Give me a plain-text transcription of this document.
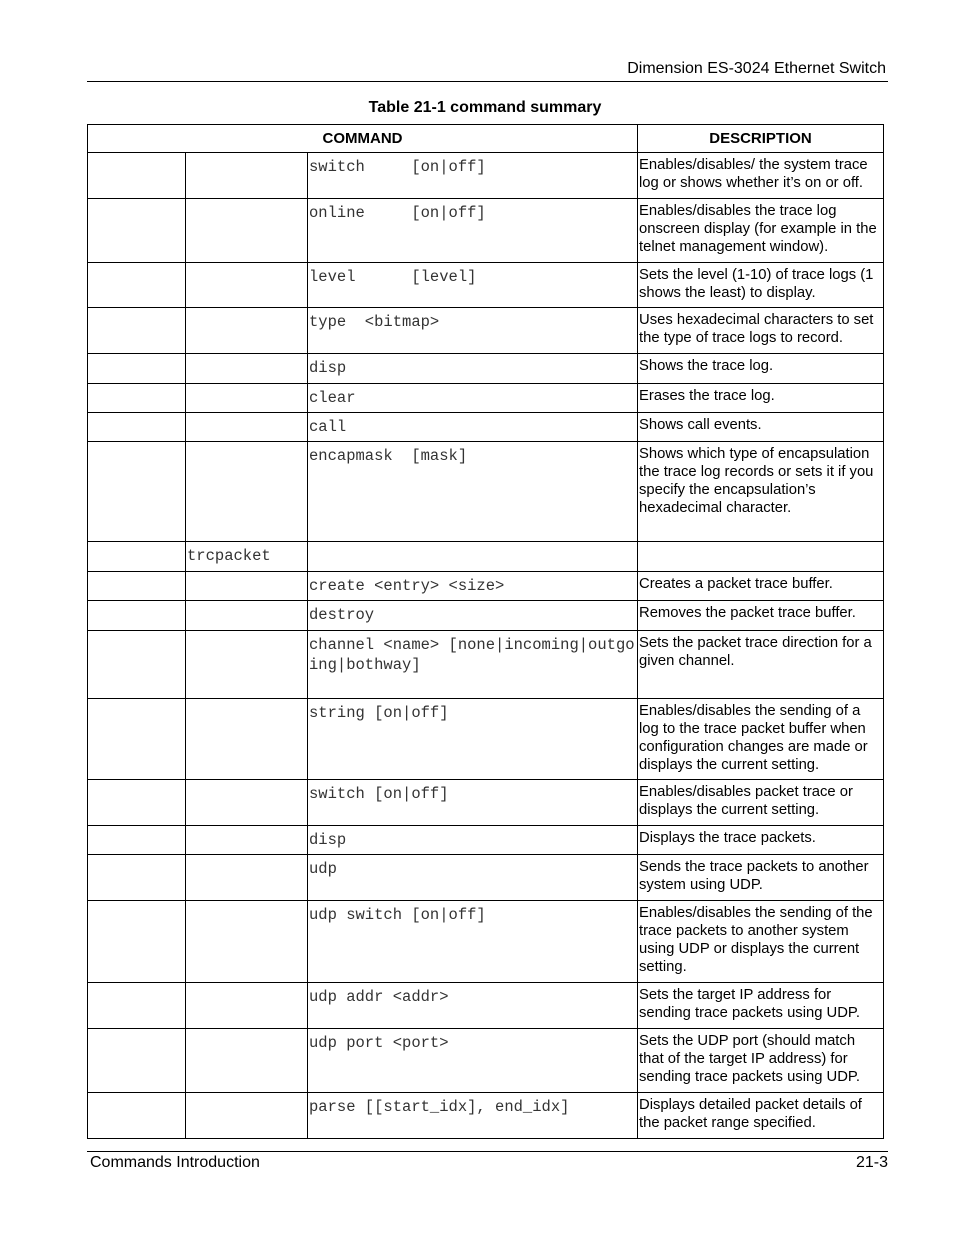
Dimension ES-3024 Ethernet Switch
Table 21-1 command summary
COMMAND			DESCRIPTION
		switch     [on|off]	Enables/disables/ the system trace log or shows whether it’s on or off.
		online     [on|off]	Enables/disables the trace log onscreen display (for example in the telnet management window).
		level      [level]	Sets the level (1-10) of trace logs (1 shows the least) to display.
		type  <bitmap>	Uses hexadecimal characters to set the type of trace logs to record.
		disp	Shows the trace log.
		clear	Erases the trace log.
		call	Shows call events.
		encapmask  [mask]	Shows which type of encapsulation the trace log records or sets it if you specify the encapsulation’s hexadecimal character.
	trcpacket		
		create <entry> <size>	Creates a packet trace buffer.
		destroy	Removes the packet trace buffer.
		channel <name> [none|incoming|outgoing|bothway]	Sets the packet trace direction for a given channel.
		string [on|off]	Enables/disables the sending of a log to the trace packet buffer when configuration changes are made or displays the current setting.
		switch [on|off]	Enables/disables packet trace or displays the current setting.
		disp	Displays the trace packets.
		udp	Sends the trace packets to another system using UDP.
		udp switch [on|off]	Enables/disables the sending of the trace packets to another system using UDP or displays the current setting.
		udp addr <addr>	Sets the target IP address for sending trace packets using UDP.
		udp port <port>	Sets the UDP port (should match that of the target IP address) for sending trace packets using UDP.
		parse [[start_idx], end_idx]	Displays detailed packet details of the packet range specified.
Commands Introduction	21-3
